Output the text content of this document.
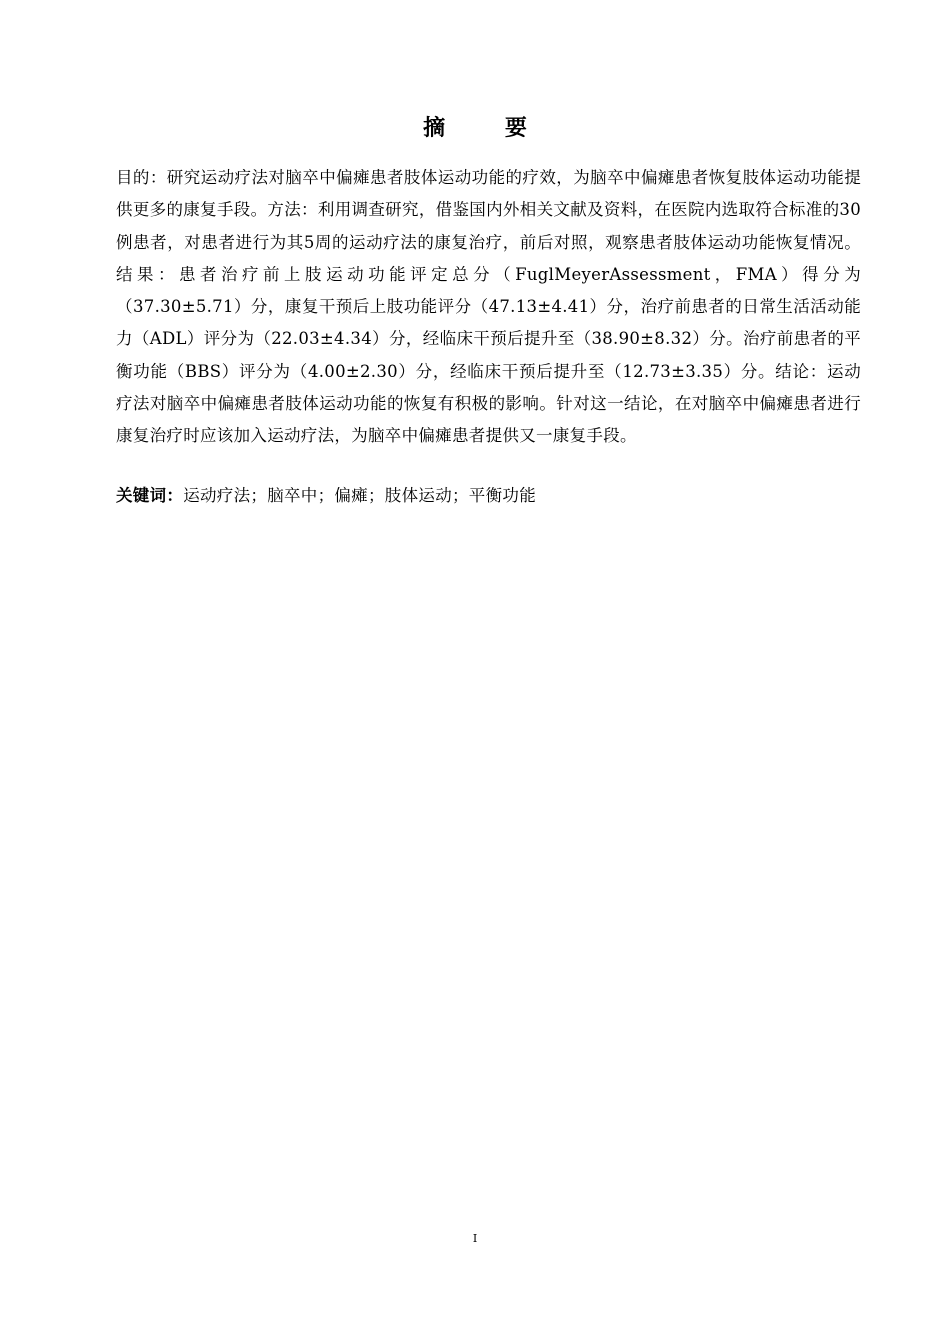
摘 要

目的：研究运动疗法对脑卒中偏瘫患者肢体运动功能的疗效，为脑卒中偏瘫患者恢复肢体运动功能提供更多的康复手段。方法：利用调查研究，借鉴国内外相关文献及资料，在医院内选取符合标准的30例患者，对患者进行为其5周的运动疗法的康复治疗，前后对照，观察患者肢体运动功能恢复情况。结果：患者治疗前上肢运动功能评定总分（FuglMeyerAssessment，FMA）得分为（37.30±5.71）分，康复干预后上肢功能评分（47.13±4.41）分，治疗前患者的日常生活活动能力（ADL）评分为（22.03±4.34）分，经临床干预后提升至（38.90±8.32）分。治疗前患者的平衡功能（BBS）评分为（4.00±2.30）分，经临床干预后提升至（12.73±3.35）分。结论：运动疗法对脑卒中偏瘫患者肢体运动功能的恢复有积极的影响。针对这一结论，在对脑卒中偏瘫患者进行康复治疗时应该加入运动疗法，为脑卒中偏瘫患者提供又一康复手段。

关键词：运动疗法；脑卒中；偏瘫；肢体运动；平衡功能
I
